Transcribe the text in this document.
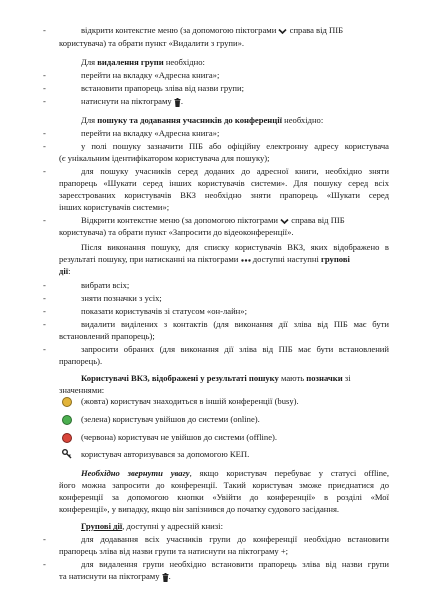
-	відкрити контекстне меню (за допомогою піктограми справа від ПІБ
користувача) та обрати пункт «Видалити з групи».
Для видалення групи необхідно:
-	перейти на вкладку «Адресна книга»;
-	встановити прапорець зліва від назви групи;
-	натиснути на піктограму .
Для пошуку та додавання учасників до конференції необхідно:
-	перейти на вкладку «Адресна книга»;
-	у полі пошуку зазначити ПІБ або офіційну електронну адресу користувача
(є унікальним ідентифікатором користувача для пошуку);
-	для пошуку учасників серед доданих до адресної книги, необхідно зняти
прапорець «Шукати серед інших користувачів системи». Для пошуку серед всіх
зареєстрованих користувачів ВКЗ необхідно зняти прапорець «Шукати серед
інших користувачів системи»;
-	Відкрити контекстне меню (за допомогою піктограми справа від ПІБ
користувача) та обрати пункт «Запросити до відеоконференції».
Після виконання пошуку, для списку користувачів ВКЗ, яких відображено в
результаті пошуку, при натисканні на піктограми доступні наступні групові
дії:
-	вибрати всіх;
-	зняти позначки з усіх;
-	показати користувачів зі статусом «он-лайн»;
-	видалити виділених з контактів (для виконання дії зліва від ПІБ має бути
встановлений прапорець);
-	запросити обраних (для виконання дії зліва від ПІБ має бути встановлений
прапорець).
Користувачі ВКЗ, відображені у результаті пошуку мають позначки зі
значеннями:
(жовта) користувач знаходиться в іншій конференції (busy).
(зелена) користувач увійшов до системи (online).
(червона) користувач не увійшов до системи (offline).
користувач авторизувався за допомогою КЕП.
Необхідно звернути увагу, якщо користувач перебуває у статусі offline,
його можна запросити до конференції. Такий користувач зможе приєднатися до
конференції за допомогою кнопки «Увійти до конференції» в розділі «Мої
конференції», у випадку, якщо він запізнився до початку судового засідання.
Групові дії, доступні у адресній книзі:
-	для додавання всіх учасників групи до конференції необхідно встановити
прапорець зліва від назви групи та натиснути на піктограму +;
-	для видалення групи необхідно встановити прапорець зліва від назви групи
та натиснути на піктограму .
